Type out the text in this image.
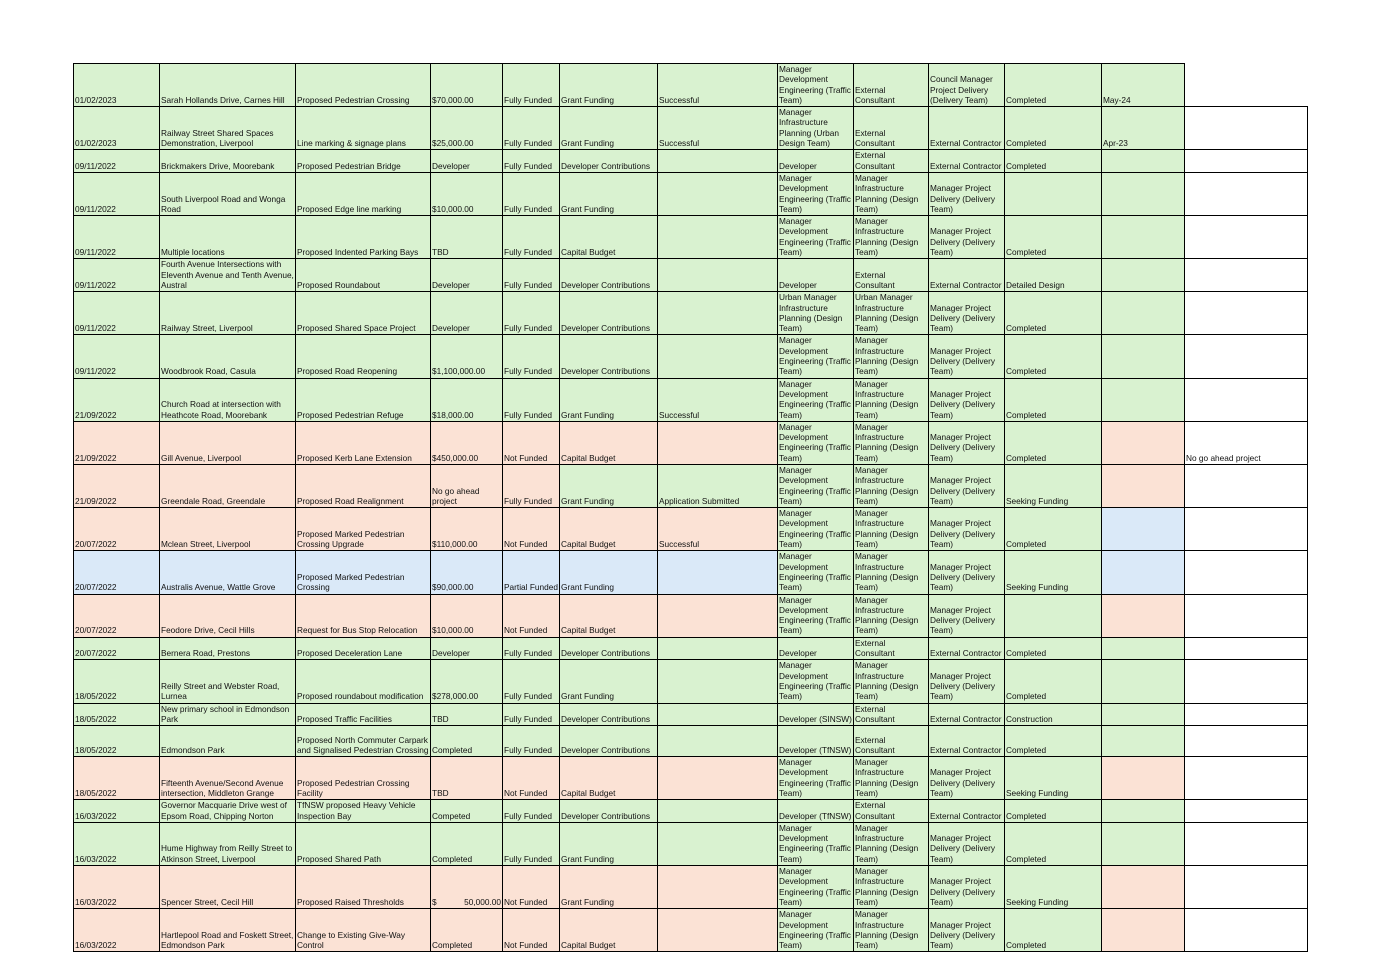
01/02/2023	Sarah Hollands Drive, Carnes Hill	Proposed Pedestrian Crossing	$70,000.00	Fully Funded	Grant Funding	Successful	Manager Development Engineering (Traffic Team)	External Consultant	Council Manager Project Delivery (Delivery Team)	Completed	May-24	
01/02/2023	Railway Street Shared Spaces Demonstration, Liverpool	Line marking & signage plans	$25,000.00	Fully Funded	Grant Funding	Successful	Manager Infrastructure Planning (Urban Design Team)	External Consultant	External Contractor	Completed	Apr-23	
09/11/2022	Brickmakers Drive, Moorebank	Proposed Pedestrian Bridge	Developer	Fully Funded	Developer Contributions		Developer	External Consultant	External Contractor	Completed		
09/11/2022	South Liverpool Road and Wonga Road	Proposed Edge line marking	$10,000.00	Fully Funded	Grant Funding		Manager Development Engineering (Traffic Team)	Manager Infrastructure Planning (Design Team)	Manager Project Delivery (Delivery Team)			
09/11/2022	Multiple locations	Proposed Indented Parking Bays	TBD	Fully Funded	Capital Budget		Manager Development Engineering (Traffic Team)	Manager Infrastructure Planning (Design Team)	Manager Project Delivery (Delivery Team)	Completed		
09/11/2022	Fourth Avenue Intersections with Eleventh Avenue and Tenth Avenue, Austral	Proposed Roundabout	Developer	Fully Funded	Developer Contributions		Developer	External Consultant	External Contractor	Detailed Design		
09/11/2022	Railway Street, Liverpool	Proposed Shared Space Project	Developer	Fully Funded	Developer Contributions		Urban Manager Infrastructure Planning (Design Team)	Urban Manager Infrastructure Planning (Design Team)	Manager Project Delivery (Delivery Team)	Completed		
09/11/2022	Woodbrook Road, Casula	Proposed Road Reopening	$1,100,000.00	Fully Funded	Developer Contributions		Manager Development Engineering (Traffic Team)	Manager Infrastructure Planning (Design Team)	Manager Project Delivery (Delivery Team)	Completed		
21/09/2022	Church Road at intersection with Heathcote Road, Moorebank	Proposed Pedestrian Refuge	$18,000.00	Fully Funded	Grant Funding	Successful	Manager Development Engineering (Traffic Team)	Manager Infrastructure Planning (Design Team)	Manager Project Delivery (Delivery Team)	Completed		
21/09/2022	Gill Avenue, Liverpool	Proposed Kerb Lane Extension	$450,000.00	Not Funded	Capital Budget		Manager Development Engineering (Traffic Team)	Manager Infrastructure Planning (Design Team)	Manager Project Delivery (Delivery Team)	Completed		No go ahead project
21/09/2022	Greendale Road, Greendale	Proposed Road Realignment	No go ahead project	Fully Funded	Grant Funding	Application Submitted	Manager Development Engineering (Traffic Team)	Manager Infrastructure Planning (Design Team)	Manager Project Delivery (Delivery Team)	Seeking Funding		
20/07/2022	Mclean Street, Liverpool	Proposed Marked Pedestrian Crossing Upgrade	$110,000.00	Not Funded	Capital Budget	Successful	Manager Development Engineering (Traffic Team)	Manager Infrastructure Planning (Design Team)	Manager Project Delivery (Delivery Team)	Completed		
20/07/2022	Australis Avenue, Wattle Grove	Proposed Marked Pedestrian Crossing	$90,000.00	Partial Funded	Grant Funding		Manager Development Engineering (Traffic Team)	Manager Infrastructure Planning (Design Team)	Manager Project Delivery (Delivery Team)	Seeking Funding		
20/07/2022	Feodore Drive, Cecil Hills	Request for Bus Stop Relocation	$10,000.00	Not Funded	Capital Budget		Manager Development Engineering (Traffic Team)	Manager Infrastructure Planning (Design Team)	Manager Project Delivery (Delivery Team)			
20/07/2022	Bernera Road, Prestons	Proposed Deceleration Lane	Developer	Fully Funded	Developer Contributions		Developer	External Consultant	External Contractor	Completed		
18/05/2022	Reilly Street and Webster Road, Lurnea	Proposed roundabout modification	$278,000.00	Fully Funded	Grant Funding		Manager Development Engineering (Traffic Team)	Manager Infrastructure Planning (Design Team)	Manager Project Delivery (Delivery Team)	Completed		
18/05/2022	New primary school in Edmondson Park	Proposed Traffic Facilities	TBD	Fully Funded	Developer Contributions		Developer (SINSW)	External Consultant	External Contractor	Construction		
18/05/2022	Edmondson Park	Proposed North Commuter Carpark and Signalised Pedestrian Crossing	Completed	Fully Funded	Developer Contributions		Developer (TfNSW)	External Consultant	External Contractor	Completed		
18/05/2022	Fifteenth Avenue/Second Avenue intersection, Middleton Grange	Proposed Pedestrian Crossing Facility	TBD	Not Funded	Capital Budget		Manager Development Engineering (Traffic Team)	Manager Infrastructure Planning (Design Team)	Manager Project Delivery (Delivery Team)	Seeking Funding		
16/03/2022	Governor Macquarie Drive west of Epsom Road, Chipping Norton	TfNSW proposed Heavy Vehicle Inspection Bay	Competed	Fully Funded	Developer Contributions		Developer (TfNSW)	External Consultant	External Contractor	Completed		
16/03/2022	Hume Highway from Reilly Street to Atkinson Street, Liverpool	Proposed Shared Path	Completed	Fully Funded	Grant Funding		Manager Development Engineering (Traffic Team)	Manager Infrastructure Planning (Design Team)	Manager Project Delivery (Delivery Team)	Completed		
16/03/2022	Spencer Street, Cecil Hill	Proposed Raised Thresholds	$ 50,000.00	Not Funded	Grant Funding		Manager Development Engineering (Traffic Team)	Manager Infrastructure Planning (Design Team)	Manager Project Delivery (Delivery Team)	Seeking Funding		
16/03/2022	Hartlepool Road and Foskett Street, Edmondson Park	Change to Existing Give-Way Control	Completed	Not Funded	Capital Budget		Manager Development Engineering (Traffic Team)	Manager Infrastructure Planning (Design Team)	Manager Project Delivery (Delivery Team)	Completed		
